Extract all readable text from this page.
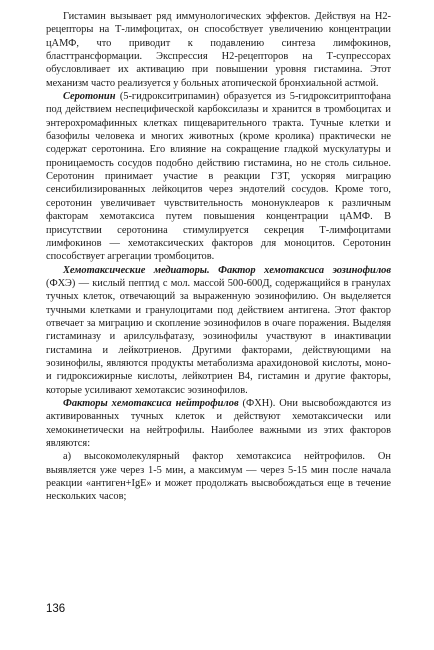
Гистамин вызывает ряд иммунологических эффектов. Действуя на Н2-рецепторы на Т-лимфоцитах, он способствует увеличению концентрации цАМФ, что приводит к подавлению синтеза лимфокинов, бласттрансформации. Экспрессия Н2-рецепторов на Т-супрессорах обусловливает их активацию при повышении уровня гистамина. Этот механизм часто реализуется у больных атопической бронхиальной астмой.

Серотонин (5-гидрокситрипамин) образуется из 5-гидрокситриптофана под действием неспецифической карбоксилазы и хранится в тромбоцитах и энтерохромафинных клетках пищеварительного тракта. Тучные клетки и базофилы человека и многих животных (кроме кролика) практически не содержат серотонина. Его влияние на сокращение гладкой мускулатуры и проницаемость сосудов подобно действию гистамина, но не столь сильное. Серотонин принимает участие в реакции ГЗТ, ускоряя миграцию сенсибилизированных лейкоцитов через эндотелий сосудов. Кроме того, серотонин увеличивает чувствительность мононуклеаров к различным факторам хемотаксиса путем повышения концентрации цАМФ. В присутствии серотонина стимулируется секреция Т-лимфоцитами лимфокинов — хемотаксических факторов для моноцитов. Серотонин способствует агрегации тромбоцитов.

Хемотаксические медиаторы. Фактор хемотаксиса эозинофилов (ФХЭ) — кислый пептид с мол. массой 500-600Д, содержащийся в гранулах тучных клеток, отвечающий за выраженную эозинофилию. Он выделяется тучными клетками и гранулоцитами под действием антигена. Этот фактор отвечает за миграцию и скопление эозинофилов в очаге поражения. Выделяя гистаминазу и арилсульфатазу, эозинофилы участвуют в инактивации гистамина и лейкотриенов. Другими факторами, действующими на эозинофилы, являются продукты метаболизма арахидоновой кислоты, моно- и гидроксижирные кислоты, лейкотриен В4, гистамин и другие факторы, которые усиливают хемотаксис эозинофилов.

Факторы хемотаксиса нейтрофилов (ФХН). Они высвобождаются из активированных тучных клеток и действуют хемотаксически или хемокинетически на нейтрофилы. Наиболее важными из этих факторов являются:

а) высокомолекулярный фактор хемотаксиса нейтрофилов. Он выявляется уже через 1-5 мин, а максимум — через 5-15 мин после начала реакции «антиген+IgE» и может продолжать высвобождаться еще в течение нескольких часов;

136
